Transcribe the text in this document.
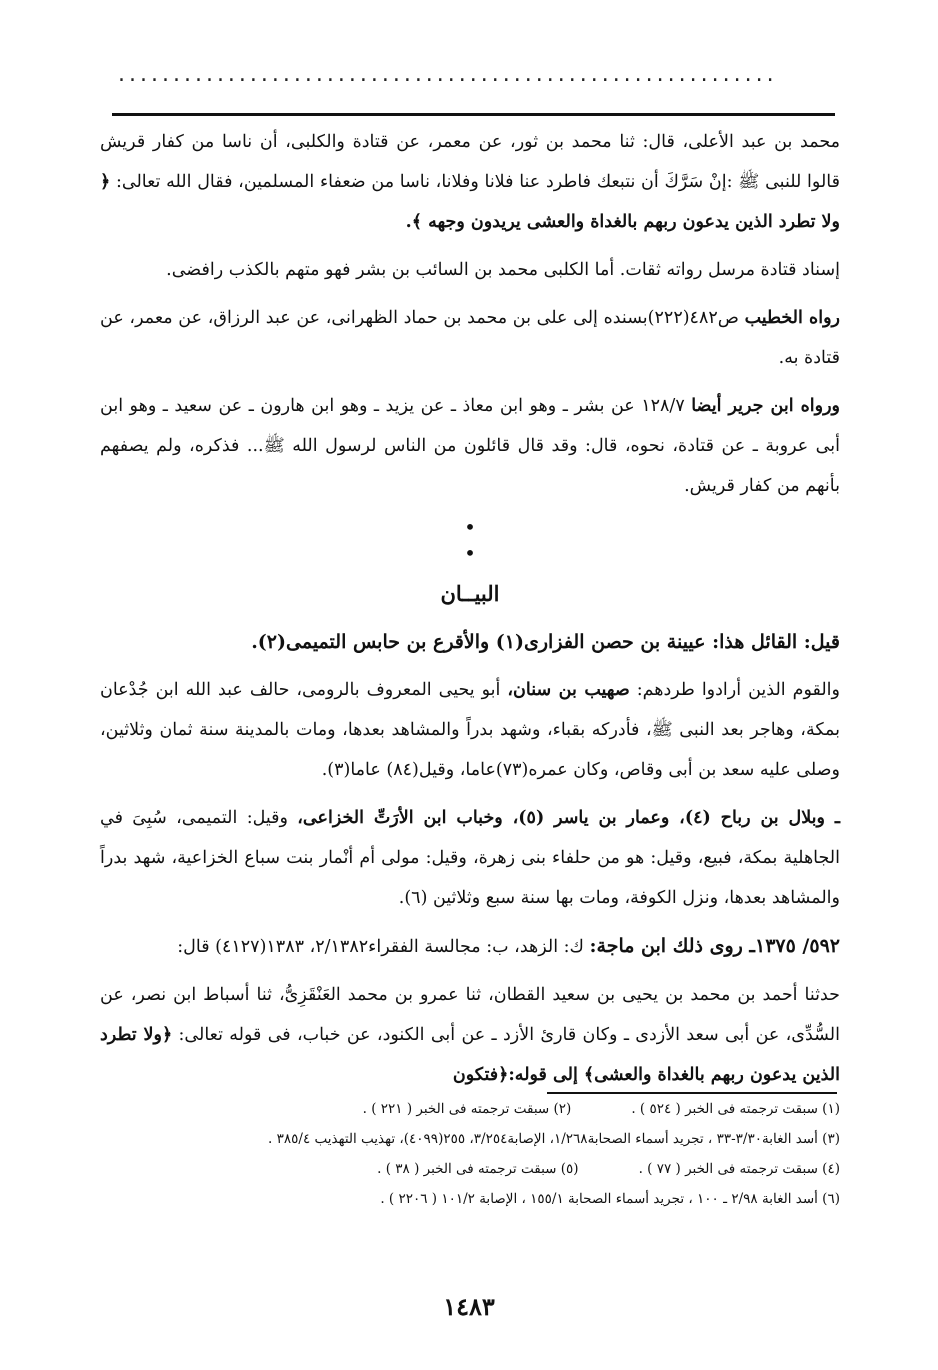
............................................................

محمد بن عبد الأعلى، قال: ثنا محمد بن ثور، عن معمر، عن قتادة والكلبى، أن ناسا من كفار قريش قالوا للنبى ﷺ :إنْ سَرَّكَ أن نتبعك فاطرد عنا فلانا وفلانا، ناسا من ضعفاء المسلمين، فقال الله تعالى: ﴿ ولا تطرد الذين يدعون ربهم بالغداة والعشى يريدون وجهه ﴾.

إسناد قتادة مرسل رواته ثقات. أما الكلبى محمد بن السائب بن بشر فهو متهم بالكذب رافضى.

رواه الخطيب ص٤٨٢(٢٢٢)بسنده إلى على بن محمد بن حماد الظهرانى، عن عبد الرزاق، عن معمر، عن قتادة به.

ورواه ابن جرير أيضا ١٢٨/٧ عن بشر ـ وهو ابن معاذ ـ عن يزيد ـ وهو ابن هارون ـ عن سعيد ـ وهو ابن أبى عروبة ـ عن قتادة، نحوه، قال: وقد قال قائلون من الناس لرسول الله ﷺ... فذكره، ولم يصفهم بأنهم من كفار قريش.

•
•

البيــان

قيل: القائل هذا: عيينة بن حصن الفزارى(١) والأقرع بن حابس التميمى(٢).

والقوم الذين أرادوا طردهم: صهيب بن سنان، أبو يحيى المعروف بالرومى، حالف عبد الله ابن جُدْعان بمكة، وهاجر بعد النبى ﷺ، فأدركه بقباء، وشهد بدراً والمشاهد بعدها، ومات بالمدينة سنة ثمان وثلاثين، وصلى عليه سعد بن أبى وقاص، وكان عمره(٧٣)عاما، وقيل(٨٤) عاما(٣).

ـ وبلال بن رباح (٤)، وعمار بن ياسر (٥)، وخباب ابن الأرَتِّ الخزاعى، وقيل: التميمى، سُبِىَ في الجاهلية بمكة، فبيع، وقيل: هو من حلفاء بنى زهرة، وقيل: مولى أم أنْمار بنت سباع الخزاعية، شهد بدراً والمشاهد بعدها، ونزل الكوفة، ومات بها سنة سبع وثلاثين (٦).

٥٩٢/ ١٣٧٥ـ روى ذلك ابن ماجة: ك: الزهد، ب: مجالسة الفقراء٢/١٣٨٢، ١٣٨٣(٤١٢٧) قال:

حدثنا أحمد بن محمد بن يحيى بن سعيد القطان، ثنا عمرو بن محمد العَنْقَزِىُّ، ثنا أسباط ابن نصر، عن السُّدِّى، عن أبى سعد الأزدى ـ وكان قارئ الأزد ـ عن أبى الكنود، عن خباب، فى قوله تعالى: ﴿ولا تطرد الذين يدعون ربهم بالغداة والعشى﴾ إلى قوله:﴿فتكون

(١) سبقت ترجمته فى الخبر ( ٥٢٤ ) .
(٢) سبقت ترجمته فى الخبر ( ٢٢١ ) .
(٣) أسد الغابة٣/٣٠-٣٣ ، تجريد أسماء الصحابة١/٢٦٨، الإصابة٣/٢٥٤، ٢٥٥(٤٠٩٩)، تهذيب التهذيب ٣٨٥/٤ .
(٤) سبقت ترجمته فى الخبر ( ٧٧ ) .
(٥) سبقت ترجمته فى الخبر ( ٣٨ ) .
(٦) أسد الغابة ٢/٩٨ ـ ١٠٠ ، تجريد أسماء الصحابة ١٥٥/١ ، الإصابة ١٠١/٢ ( ٢٢٠٦ ) .
١٤٨٣
